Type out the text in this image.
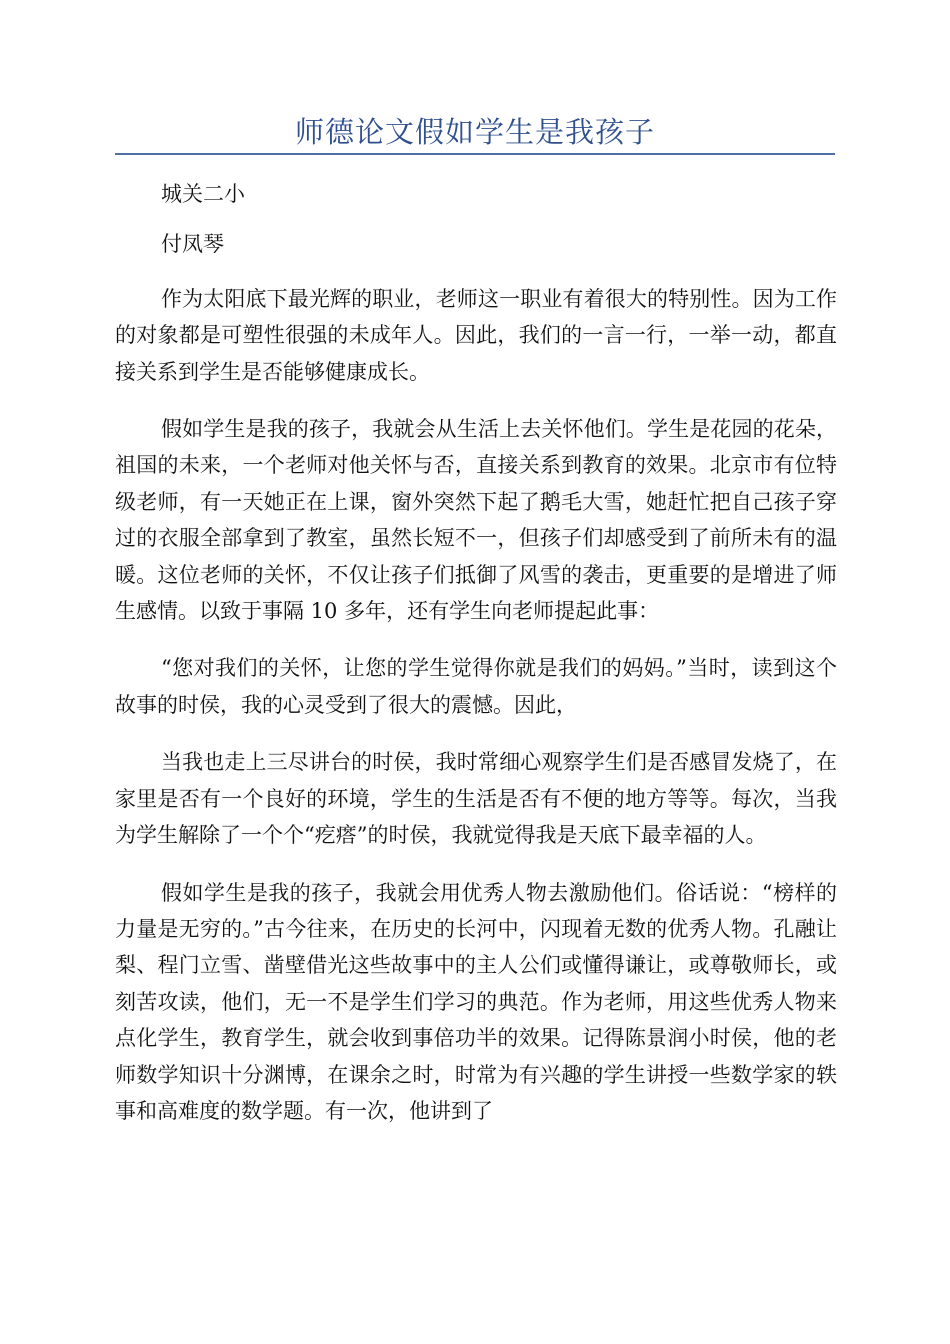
师德论文假如学生是我孩子
城关二小
付凤琴

作为太阳底下最光辉的职业，老师这一职业有着很大的特别性。因为工作的对象都是可塑性很强的未成年人。因此，我们的一言一行，一举一动，都直接关系到学生是否能够健康成长。

假如学生是我的孩子，我就会从生活上去关怀他们。学生是花园的花朵，祖国的未来，一个老师对他关怀与否，直接关系到教育的效果。北京市有位特级老师，有一天她正在上课，窗外突然下起了鹅毛大雪，她赶忙把自己孩子穿过的衣服全部拿到了教室，虽然长短不一，但孩子们却感受到了前所未有的温暖。这位老师的关怀，不仅让孩子们抵御了风雪的袭击，更重要的是增进了师生感情。以致于事隔 10 多年，还有学生向老师提起此事：

“您对我们的关怀，让您的学生觉得你就是我们的妈妈。”当时，读到这个故事的时侯，我的心灵受到了很大的震憾。因此，

当我也走上三尽讲台的时侯，我时常细心观察学生们是否感冒发烧了，在家里是否有一个良好的环境，学生的生活是否有不便的地方等等。每次，当我为学生解除了一个个“疙瘩”的时侯，我就觉得我是天底下最幸福的人。

假如学生是我的孩子，我就会用优秀人物去激励他们。俗话说：“榜样的力量是无穷的。”古今往来，在历史的长河中，闪现着无数的优秀人物。孔融让梨、程门立雪、凿壁借光这些故事中的主人公们或懂得谦让，或尊敬师长，或刻苦攻读，他们，无一不是学生们学习的典范。作为老师，用这些优秀人物来点化学生，教育学生，就会收到事倍功半的效果。记得陈景润小时侯，他的老师数学知识十分渊博，在课余之时，时常为有兴趣的学生讲授一些数学家的轶事和高难度的数学题。有一次，他讲到了
